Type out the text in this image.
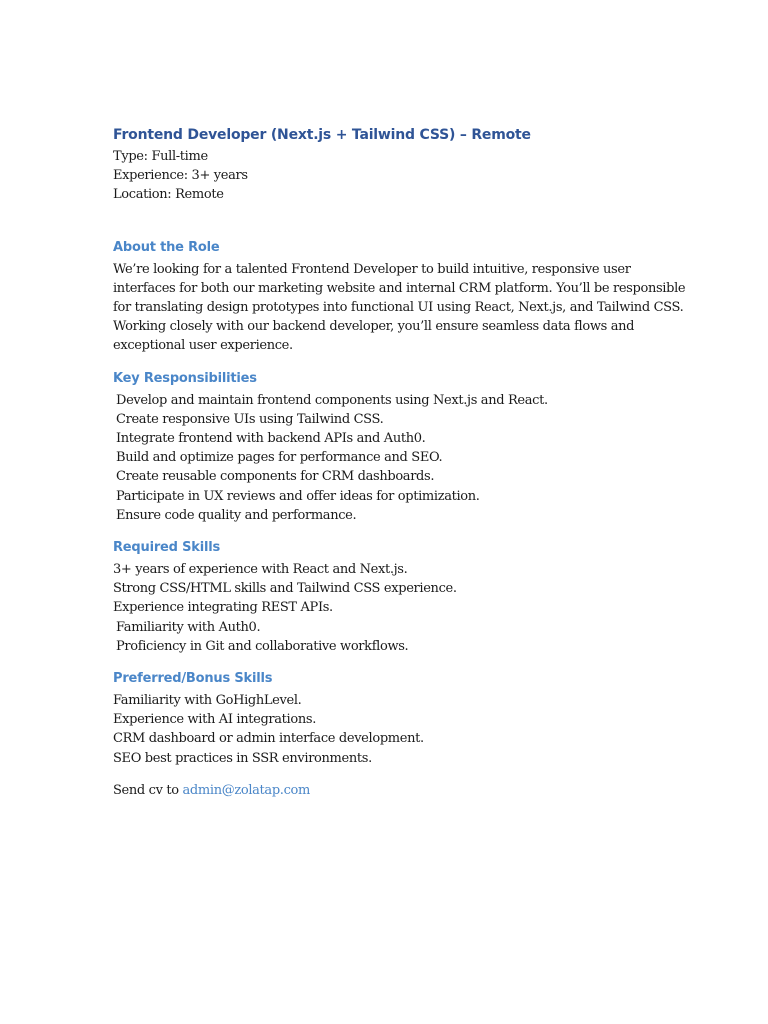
Frontend Developer (Next.js + Tailwind CSS) – Remote
Type: Full-time
Experience: 3+ years
Location: Remote
About the Role
We’re looking for a talented Frontend Developer to build intuitive, responsive user
interfaces for both our marketing website and internal CRM platform. You’ll be responsible
for translating design prototypes into functional UI using React, Next.js, and Tailwind CSS.
Working closely with our backend developer, you’ll ensure seamless data flows and
exceptional user experience.
Key Responsibilities
Develop and maintain frontend components using Next.js and React.
Create responsive UIs using Tailwind CSS.
Integrate frontend with backend APIs and Auth0.
Build and optimize pages for performance and SEO.
Create reusable components for CRM dashboards.
Participate in UX reviews and offer ideas for optimization.
Ensure code quality and performance.
Required Skills
3+ years of experience with React and Next.js.
Strong CSS/HTML skills and Tailwind CSS experience.
Experience integrating REST APIs.
Familiarity with Auth0.
Proficiency in Git and collaborative workflows.
Preferred/Bonus Skills
Familiarity with GoHighLevel.
Experience with AI integrations.
CRM dashboard or admin interface development.
SEO best practices in SSR environments.
Send cv to admin@zolatap.com
